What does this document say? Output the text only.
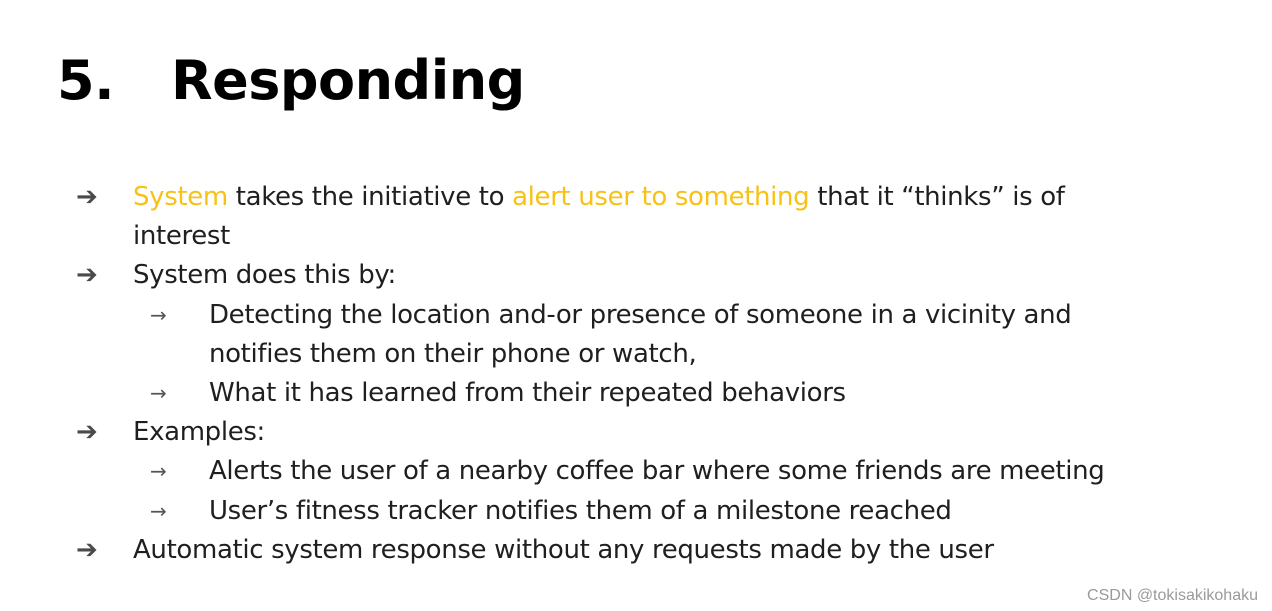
5. Responding
➔ System takes the initiative to alert user to something that it “thinks” is of
interest
➔ System does this by:
→ Detecting the location and-or presence of someone in a vicinity and
notifies them on their phone or watch,
→ What it has learned from their repeated behaviors
➔ Examples:
→ Alerts the user of a nearby coffee bar where some friends are meeting
→ User’s fitness tracker notifies them of a milestone reached
➔ Automatic system response without any requests made by the user
CSDN @tokisakikohaku
